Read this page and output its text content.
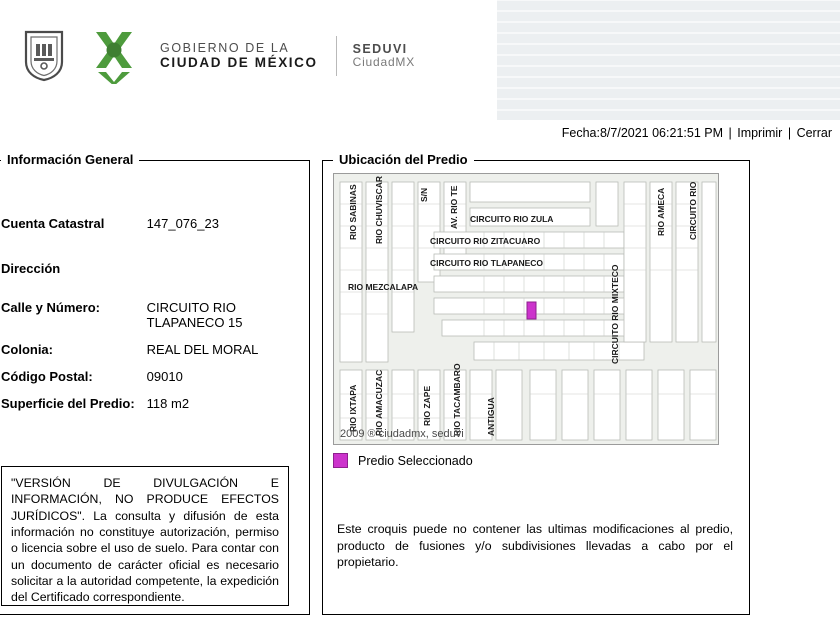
GOBIERNO DE LA
CIUDAD DE MÉXICO
SEDUVI
CiudadMX
Fecha:8/7/2021 06:21:51 PM | Imprimir | Cerrar
Información General
Cuenta Catastral	147_076_23

Dirección	

Calle y Número:	CIRCUITO RIO TLAPANECO 15
Colonia:	REAL DEL MORAL
Código Postal:	09010
Superficie del Predio:	118 m2
"VERSIÓN DE DIVULGACIÓN E INFORMACIÓN, NO PRODUCE EFECTOS JURÍDICOS". La consulta y difusión de esta información no constituye autorización, permiso o licencia sobre el uso de suelo. Para contar con un documento de carácter oficial es necesario solicitar a la autoridad competente, la expedición del Certificado correspondiente.
Ubicación del Predio
RIO SABINAS RIO CHUVISCAR	S/N AV. RIO TE CIRCUITO RIO ZULA
CIRCUITO RIO ZITACUARO
CIRCUITO RIO TLAPANECO
RIO MEZCALAPA
RIO AMECA	CIRCUITO RIO
CIRCUITO RIO MIXTECO
RIO IXTAPA RIO AMACUZAC	RIO ZAPE RIO TACAMBARO	ANTIGUA
2009 ® ciudadmx, seduvi
Predio Seleccionado
Este croquis puede no contener las ultimas modificaciones al predio, producto de fusiones y/o subdivisiones llevadas a cabo por el propietario.
